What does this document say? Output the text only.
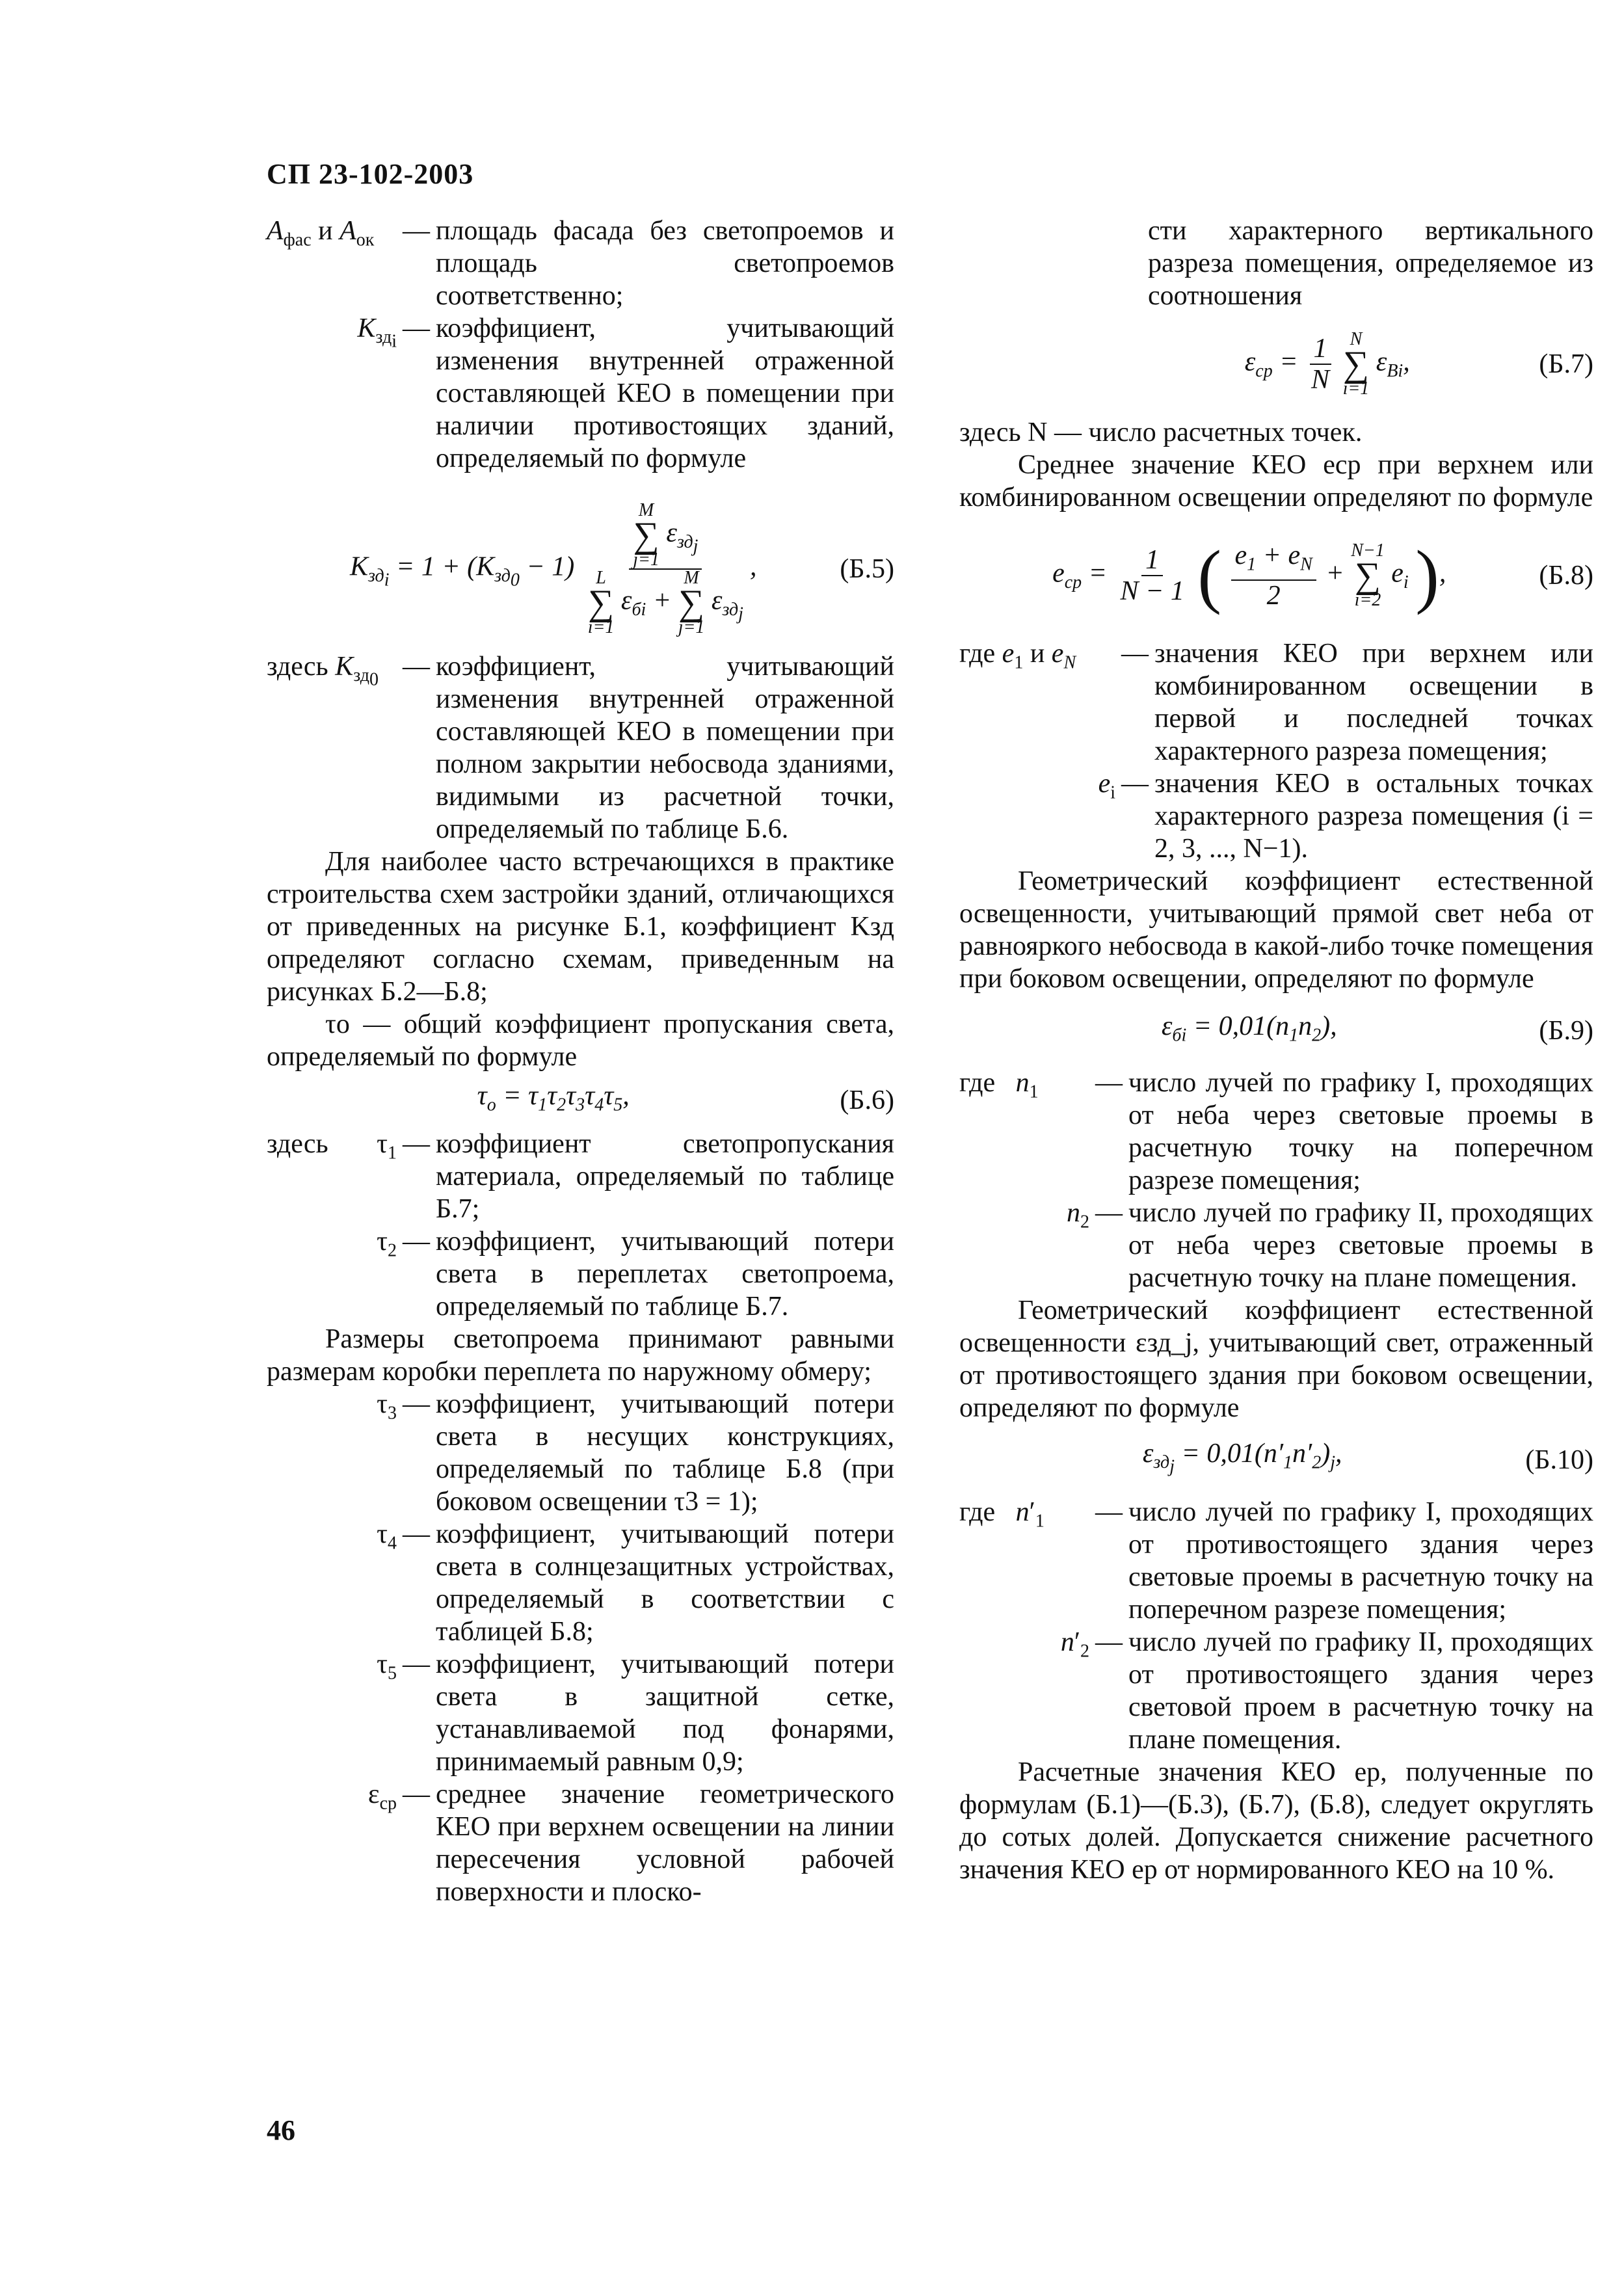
СП 23-102-2003
$A_{фас}$ и $A_{ок}$	— площадь фасада без светопроемов и площадь светопроемов соответственно;
$K_{зд_i}$ — коэффициент, учитывающий изменения внутренней отраженной составляющей КЕО в помещении при наличии противостоящих зданий, определяемый по формуле
$K_{зд_i} = 1 + (K_{зд_0} - 1)$ M
∑
j=1
$\varepsilon_{зд_j}$
L
∑
i=1
$\varepsilon_{бi}$ +
M
∑
j=1
$\varepsilon_{зд_j}$ ,	(Б.5)
здесь $K_{зд_0}$ — коэффициент, учитывающий изменения внутренней отраженной составляющей КЕО в помещении при полном закрытии небосвода зданиями, видимыми из расчетной точки, определяемый по таблице Б.6.

Для наиболее часто встречающихся в практике строительства схем застройки зданий, отличающихся от приведенных на рисунке Б.1, коэффициент Kзд определяют согласно схемам, приведенным на рисунках Б.2—Б.8;

τо — общий коэффициент пропускания света, определяемый по формуле

$\tau_о = \tau_1\tau_2\tau_3\tau_4\tau_5$,	(Б.6)
здесь $\tau_1$ — коэффициент светопропускания материала, определяемый по таблице Б.7;
$\tau_2$ — коэффициент, учитывающий потери света в переплетах светопроема, определяемый по таблице Б.7.

Размеры светопроема принимают равными размерам коробки переплета по наружному обмеру;

$\tau_3$ — коэффициент, учитывающий потери света в несущих конструкциях, определяемый по таблице Б.8 (при боковом освещении τ3 = 1);
$\tau_4$ — коэффициент, учитывающий потери света в солнцезащитных устройствах, определяемый в соответствии с таблицей Б.8;
$\tau_5$ — коэффициент, учитывающий потери света в защитной сетке, устанавливаемой под фонарями, принимаемый равным 0,9;
$\varepsilon_{ср}$ — среднее значение геометрического КЕО при верхнем освещении на линии пересечения условной рабочей поверхности и плоско-

сти характерного вертикального разреза помещения, определяемое из соотношения

$\varepsilon_{ср} = \frac{1}{N}$
N
∑
i=1
$\varepsilon_{Вi}$,	(Б.7)

здесь N — число расчетных точек.

Среднее значение КЕО eср при верхнем или комбинированном освещении определяют по формуле

$e_{ср} = \frac{1}{N - 1}$ ( $\frac{e_1 + e_N}{2}$ +
N−1
∑
i=2
$e_i$ ),	(Б.8)
где $e_1$ и $e_N$	— значения КЕО при верхнем или комбинированном освещении в первой и последней точках характерного разреза помещения;
$e_i$ — значения КЕО в остальных точках характерного разреза помещения (i = 2, 3, ..., N−1).

Геометрический коэффициент естественной освещенности, учитывающий прямой свет неба от равнояркого небосвода в какой-либо точке помещения при боковом освещении, определяют по формуле

$\varepsilon_{бi} = 0,01(n_1n_2)$,	(Б.9)
где $n_1$	— число лучей по графику I, проходящих от неба через световые проемы в расчетную точку на поперечном разрезе помещения;
$n_2$ — число лучей по графику II, проходящих от неба через световые проемы в расчетную точку на плане помещения.

Геометрический коэффициент естественной освещенности εзд_j, учитывающий свет, отраженный от противостоящего здания при боковом освещении, определяют по формуле

$\varepsilon_{зд_j} = 0,01(n'_1n'_2)_j$,	(Б.10)
где $n'_1$	— число лучей по графику I, проходящих от противостоящего здания через световые проемы в расчетную точку на поперечном разрезе помещения;
$n'_2$ — число лучей по графику II, проходящих от противостоящего здания через световой проем в расчетную точку на плане помещения.

Расчетные значения КЕО eр, полученные по формулам (Б.1)—(Б.3), (Б.7), (Б.8), следует округлять до сотых долей. Допускается снижение расчетного значения КЕО eр от нормированного КЕО на 10 %.

46
